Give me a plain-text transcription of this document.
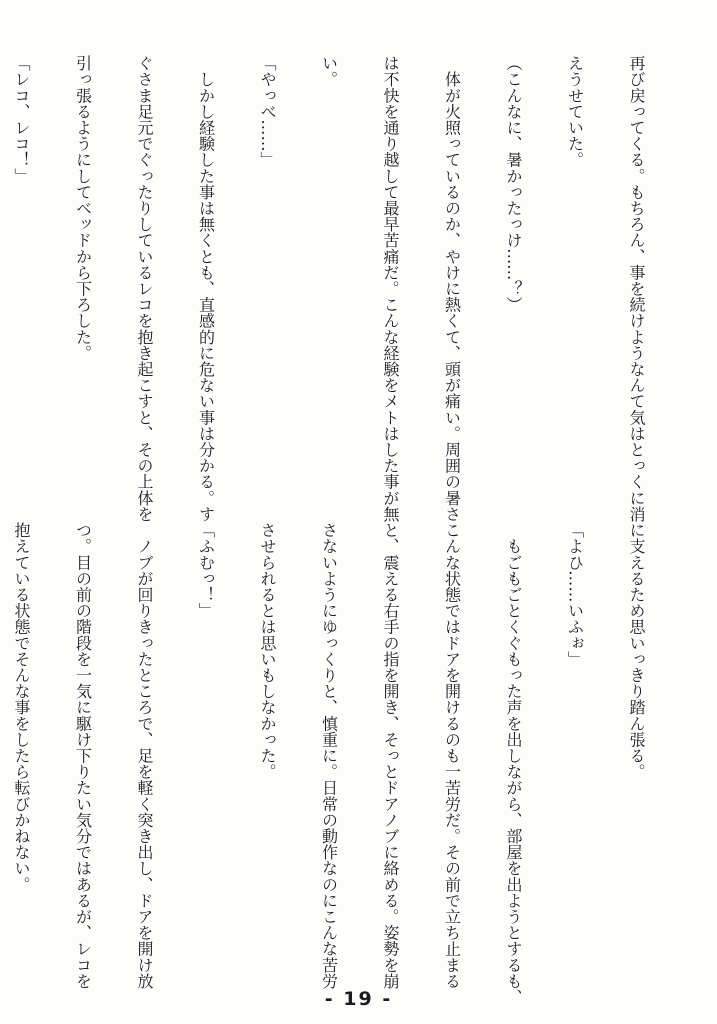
再び戻ってくる。もちろん、事を続けようなんて気はとっくに消

えうせていた。

（こんなに、暑かったっけ……？）

　体が火照っているのか、やけに熱くて、頭が痛い。周囲の暑さ

は不快を通り越して最早苦痛だ。こんな経験をメトはした事が無

い。

「やっべ……」

　しかし経験した事は無くとも、直感的に危ない事は分かる。す

ぐさま足元でぐったりしているレコを抱き起こすと、その上体を

引っ張るようにしてベッドから下ろした。

「レコ、レコ！」

に支えるため思いっきり踏ん張る。

「よひ……いふぉ」

　もごもごとくぐもった声を出しながら、部屋を出ようとするも、

こんな状態ではドアを開けるのも一苦労だ。その前で立ち止まる

と、震える右手の指を開き、そっとドアノブに絡める。姿勢を崩

さないようにゆっくりと、慎重に。日常の動作なのにこんな苦労

させられるとは思いもしなかった。

「ふむっ！」

　ノブが回りきったところで、足を軽く突き出し、ドアを開け放

つ。目の前の階段を一気に駆け下りたい気分ではあるが、レコを

抱えている状態でそんな事をしたら転びかねない。

- 19 -
